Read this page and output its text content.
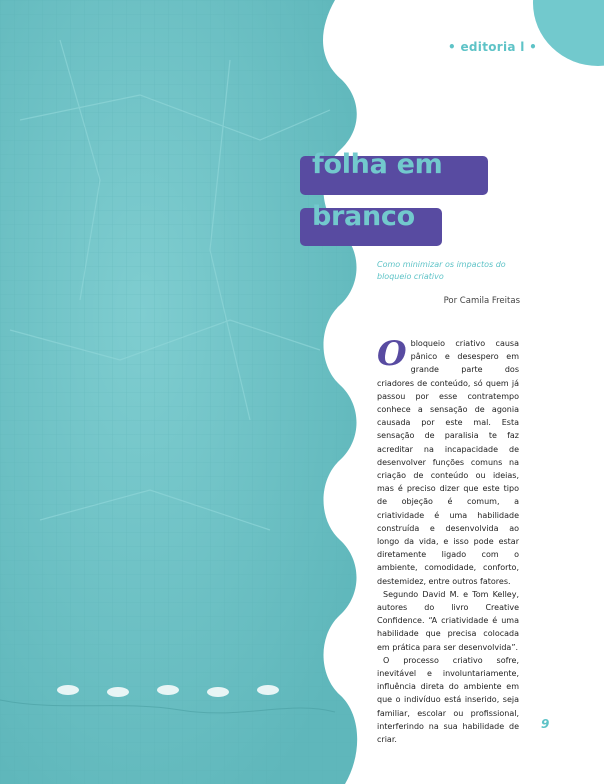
• editoria l •
folha em
branco
Como minimizar os impactos do bloqueio criativo
Por Camila Freitas

O bloqueio criativo causa pânico e desespero em grande parte dos criadores de conteúdo, só quem já passou por esse contratempo conhece a sensação de agonia causada por este mal. Esta sensação de paralisia te faz acreditar na incapacidade de desenvolver funções comuns na criação de conteúdo ou ideias, mas é preciso dizer que este tipo de objeção é comum, a criatividade é uma habilidade construída e desenvolvida ao longo da vida, e isso pode estar diretamente ligado com o ambiente, comodidade, conforto, destemidez, entre outros fatores.

Segundo David M. e Tom Kelley, autores do livro Creative Confidence. “A criatividade é uma habilidade que precisa colocada em prática para ser desenvolvida”.

O processo criativo sofre, inevitável e involuntariamente, influência direta do ambiente em que o indivíduo está inserido, seja familiar, escolar ou profissional, interferindo na sua habilidade de criar.

9
